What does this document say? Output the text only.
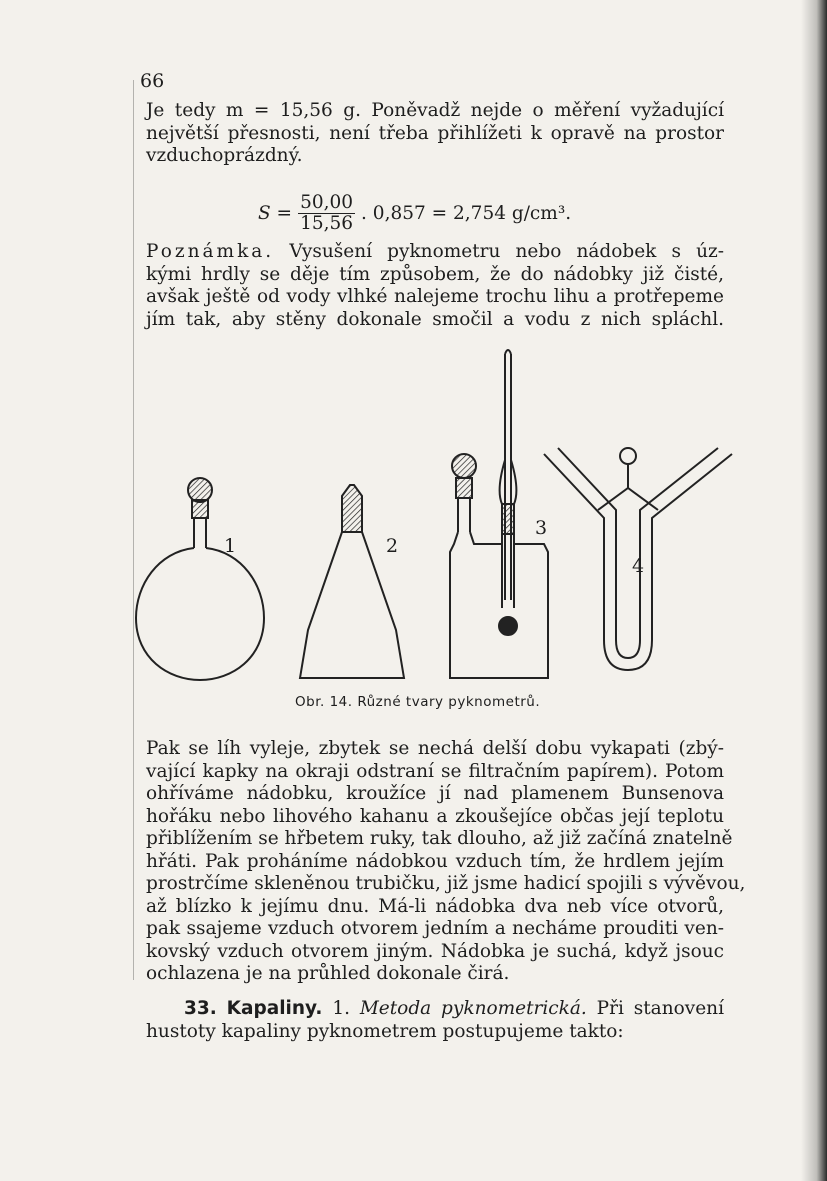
66
Je tedy m = 15,56 g. Poněvadž nejde o měření vyžadující
největší přesnosti, není třeba přihlížeti k opravě na prostor
vzduchoprázdný.
$S = \frac{50,00}{15,56}$ . 0,857 = 2,754 g/cm³.
Poznámka. Vysušení pyknometru nebo nádobek s úz-
kými hrdly se děje tím způsobem, že do nádobky již čisté,
avšak ještě od vody vlhké nalejeme trochu lihu a protřepeme
jím tak, aby stěny dokonale smočil a vodu z nich spláchl.
1	2
3
4
Obr. 14. Různé tvary pyknometrů.
Pak se líh vyleje, zbytek se nechá delší dobu vykapati (zbý-
vající kapky na okraji odstraní se filtračním papírem). Potom
ohříváme nádobku, kroužíce jí nad plamenem Bunsenova
hořáku nebo lihového kahanu a zkoušejíce občas její teplotu
přiblížením se hřbetem ruky, tak dlouho, až již začíná znatelně
hřáti. Pak proháníme nádobkou vzduch tím, že hrdlem jejím
prostrčíme skleněnou trubičku, již jsme hadicí spojili s vývěvou,
až blízko k jejímu dnu. Má-li nádobka dva neb více otvorů,
pak ssajeme vzduch otvorem jedním a necháme prouditi ven-
kovský vzduch otvorem jiným. Nádobka je suchá, když jsouc
ochlazena je na průhled dokonale čirá.
33. Kapaliny. 1. Metoda pyknometrická. Při stanovení
hustoty kapaliny pyknometrem postupujeme takto:
